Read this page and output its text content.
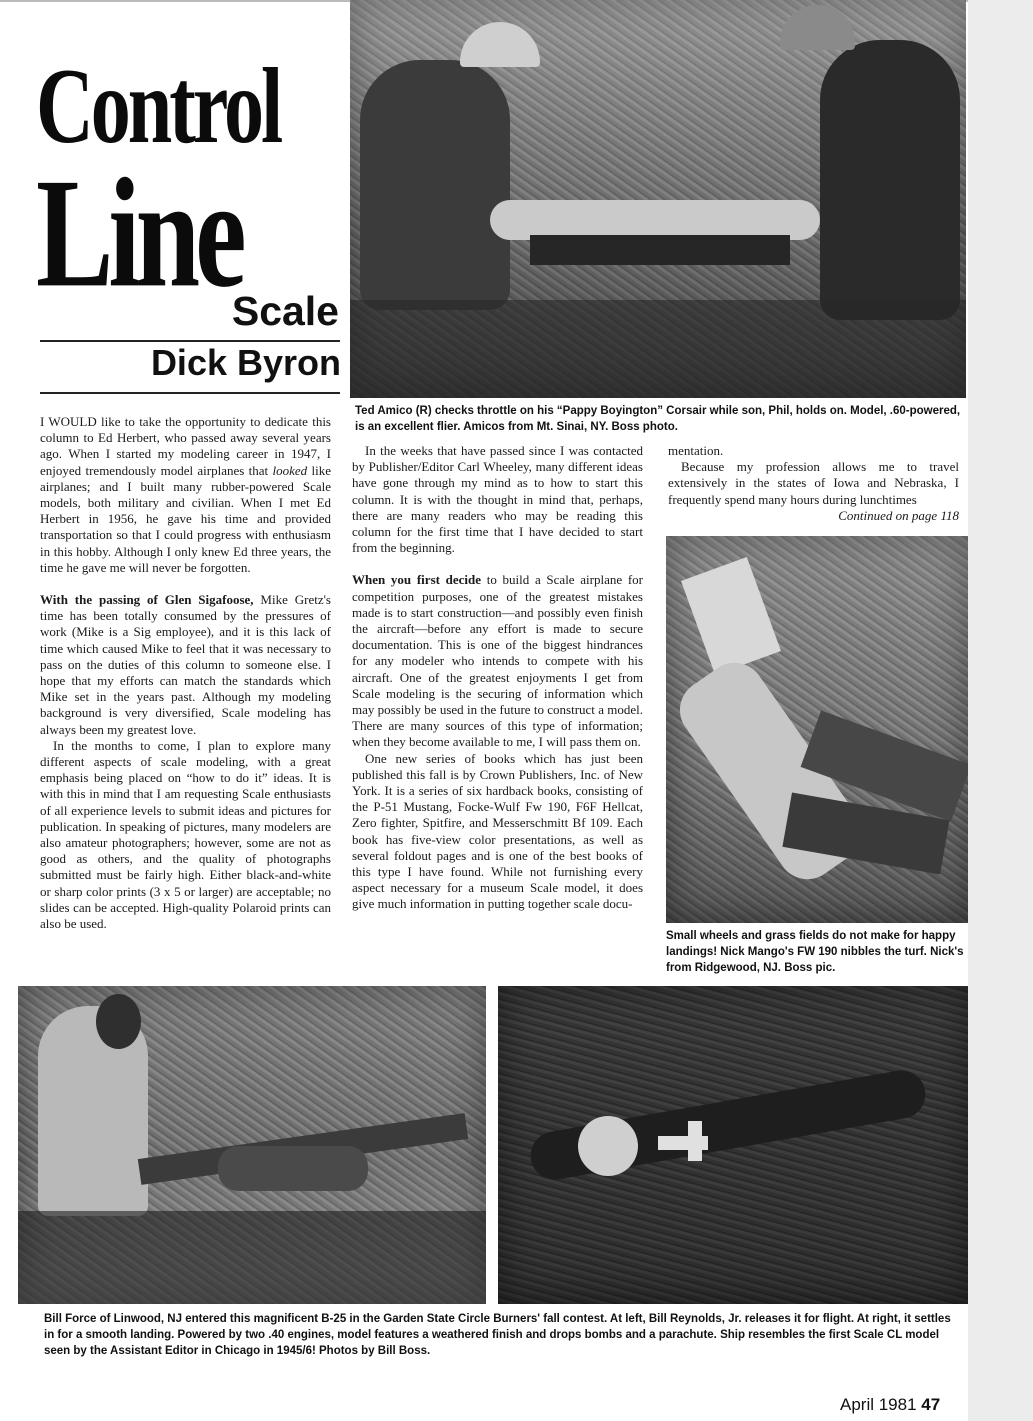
Control
Line
Scale
Dick Byron

Ted Amico (R) checks throttle on his “Pappy Boyington” Corsair while son, Phil, holds on. Model, .60-powered, is an excellent flier. Amicos from Mt. Sinai, NY. Boss photo.

Small wheels and grass fields do not make for happy landings! Nick Mango's FW 190 nibbles the turf. Nick's from Ridgewood, NJ. Boss pic.

Bill Force of Linwood, NJ entered this magnificent B-25 in the Garden State Circle Burners' fall contest. At left, Bill Reynolds, Jr. releases it for flight. At right, it settles in for a smooth landing. Powered by two .40 engines, model features a weathered finish and drops bombs and a parachute. Ship resembles the first Scale CL model seen by the Assistant Editor in Chicago in 1945/6! Photos by Bill Boss.

I WOULD like to take the opportunity to dedicate this column to Ed Herbert, who passed away several years ago. When I started my modeling career in 1947, I enjoyed tremendously model airplanes that looked like airplanes; and I built many rubber-powered Scale models, both military and civilian. When I met Ed Herbert in 1956, he gave his time and provided transportation so that I could progress with enthusiasm in this hobby. Although I only knew Ed three years, the time he gave me will never be forgotten.

With the passing of Glen Sigafoose, Mike Gretz's time has been totally consumed by the pressures of work (Mike is a Sig employee), and it is this lack of time which caused Mike to feel that it was necessary to pass on the duties of this column to someone else. I hope that my efforts can match the standards which Mike set in the years past. Although my modeling background is very diversified, Scale modeling has always been my greatest love.

In the months to come, I plan to explore many different aspects of scale modeling, with a great emphasis being placed on “how to do it” ideas. It is with this in mind that I am requesting Scale enthusiasts of all experience levels to submit ideas and pictures for publication. In speaking of pictures, many modelers are also amateur photographers; however, some are not as good as others, and the quality of photographs submitted must be fairly high. Either black-and-white or sharp color prints (3 x 5 or larger) are acceptable; no slides can be accepted. High-quality Polaroid prints can also be used.

In the weeks that have passed since I was contacted by Publisher/Editor Carl Wheeley, many different ideas have gone through my mind as to how to start this column. It is with the thought in mind that, perhaps, there are many readers who may be reading this column for the first time that I have decided to start from the beginning.

When you first decide to build a Scale airplane for competition purposes, one of the greatest mistakes made is to start construction—and possibly even finish the aircraft—before any effort is made to secure documentation. This is one of the biggest hindrances for any modeler who intends to compete with his aircraft. One of the greatest enjoyments I get from Scale modeling is the securing of information which may possibly be used in the future to construct a model. There are many sources of this type of information; when they become available to me, I will pass them on.

One new series of books which has just been published this fall is by Crown Publishers, Inc. of New York. It is a series of six hardback books, consisting of the P-51 Mustang, Focke-Wulf Fw 190, F6F Hellcat, Zero fighter, Spitfire, and Messerschmitt Bf 109. Each book has five-view color presentations, as well as several foldout pages and is one of the best books of this type I have found. While not furnishing every aspect necessary for a museum Scale model, it does give much information in putting together scale docu-

mentation.

Because my profession allows me to travel extensively in the states of Iowa and Nebraska, I frequently spend many hours during lunchtimes

Continued on page 118

April 1981 47
